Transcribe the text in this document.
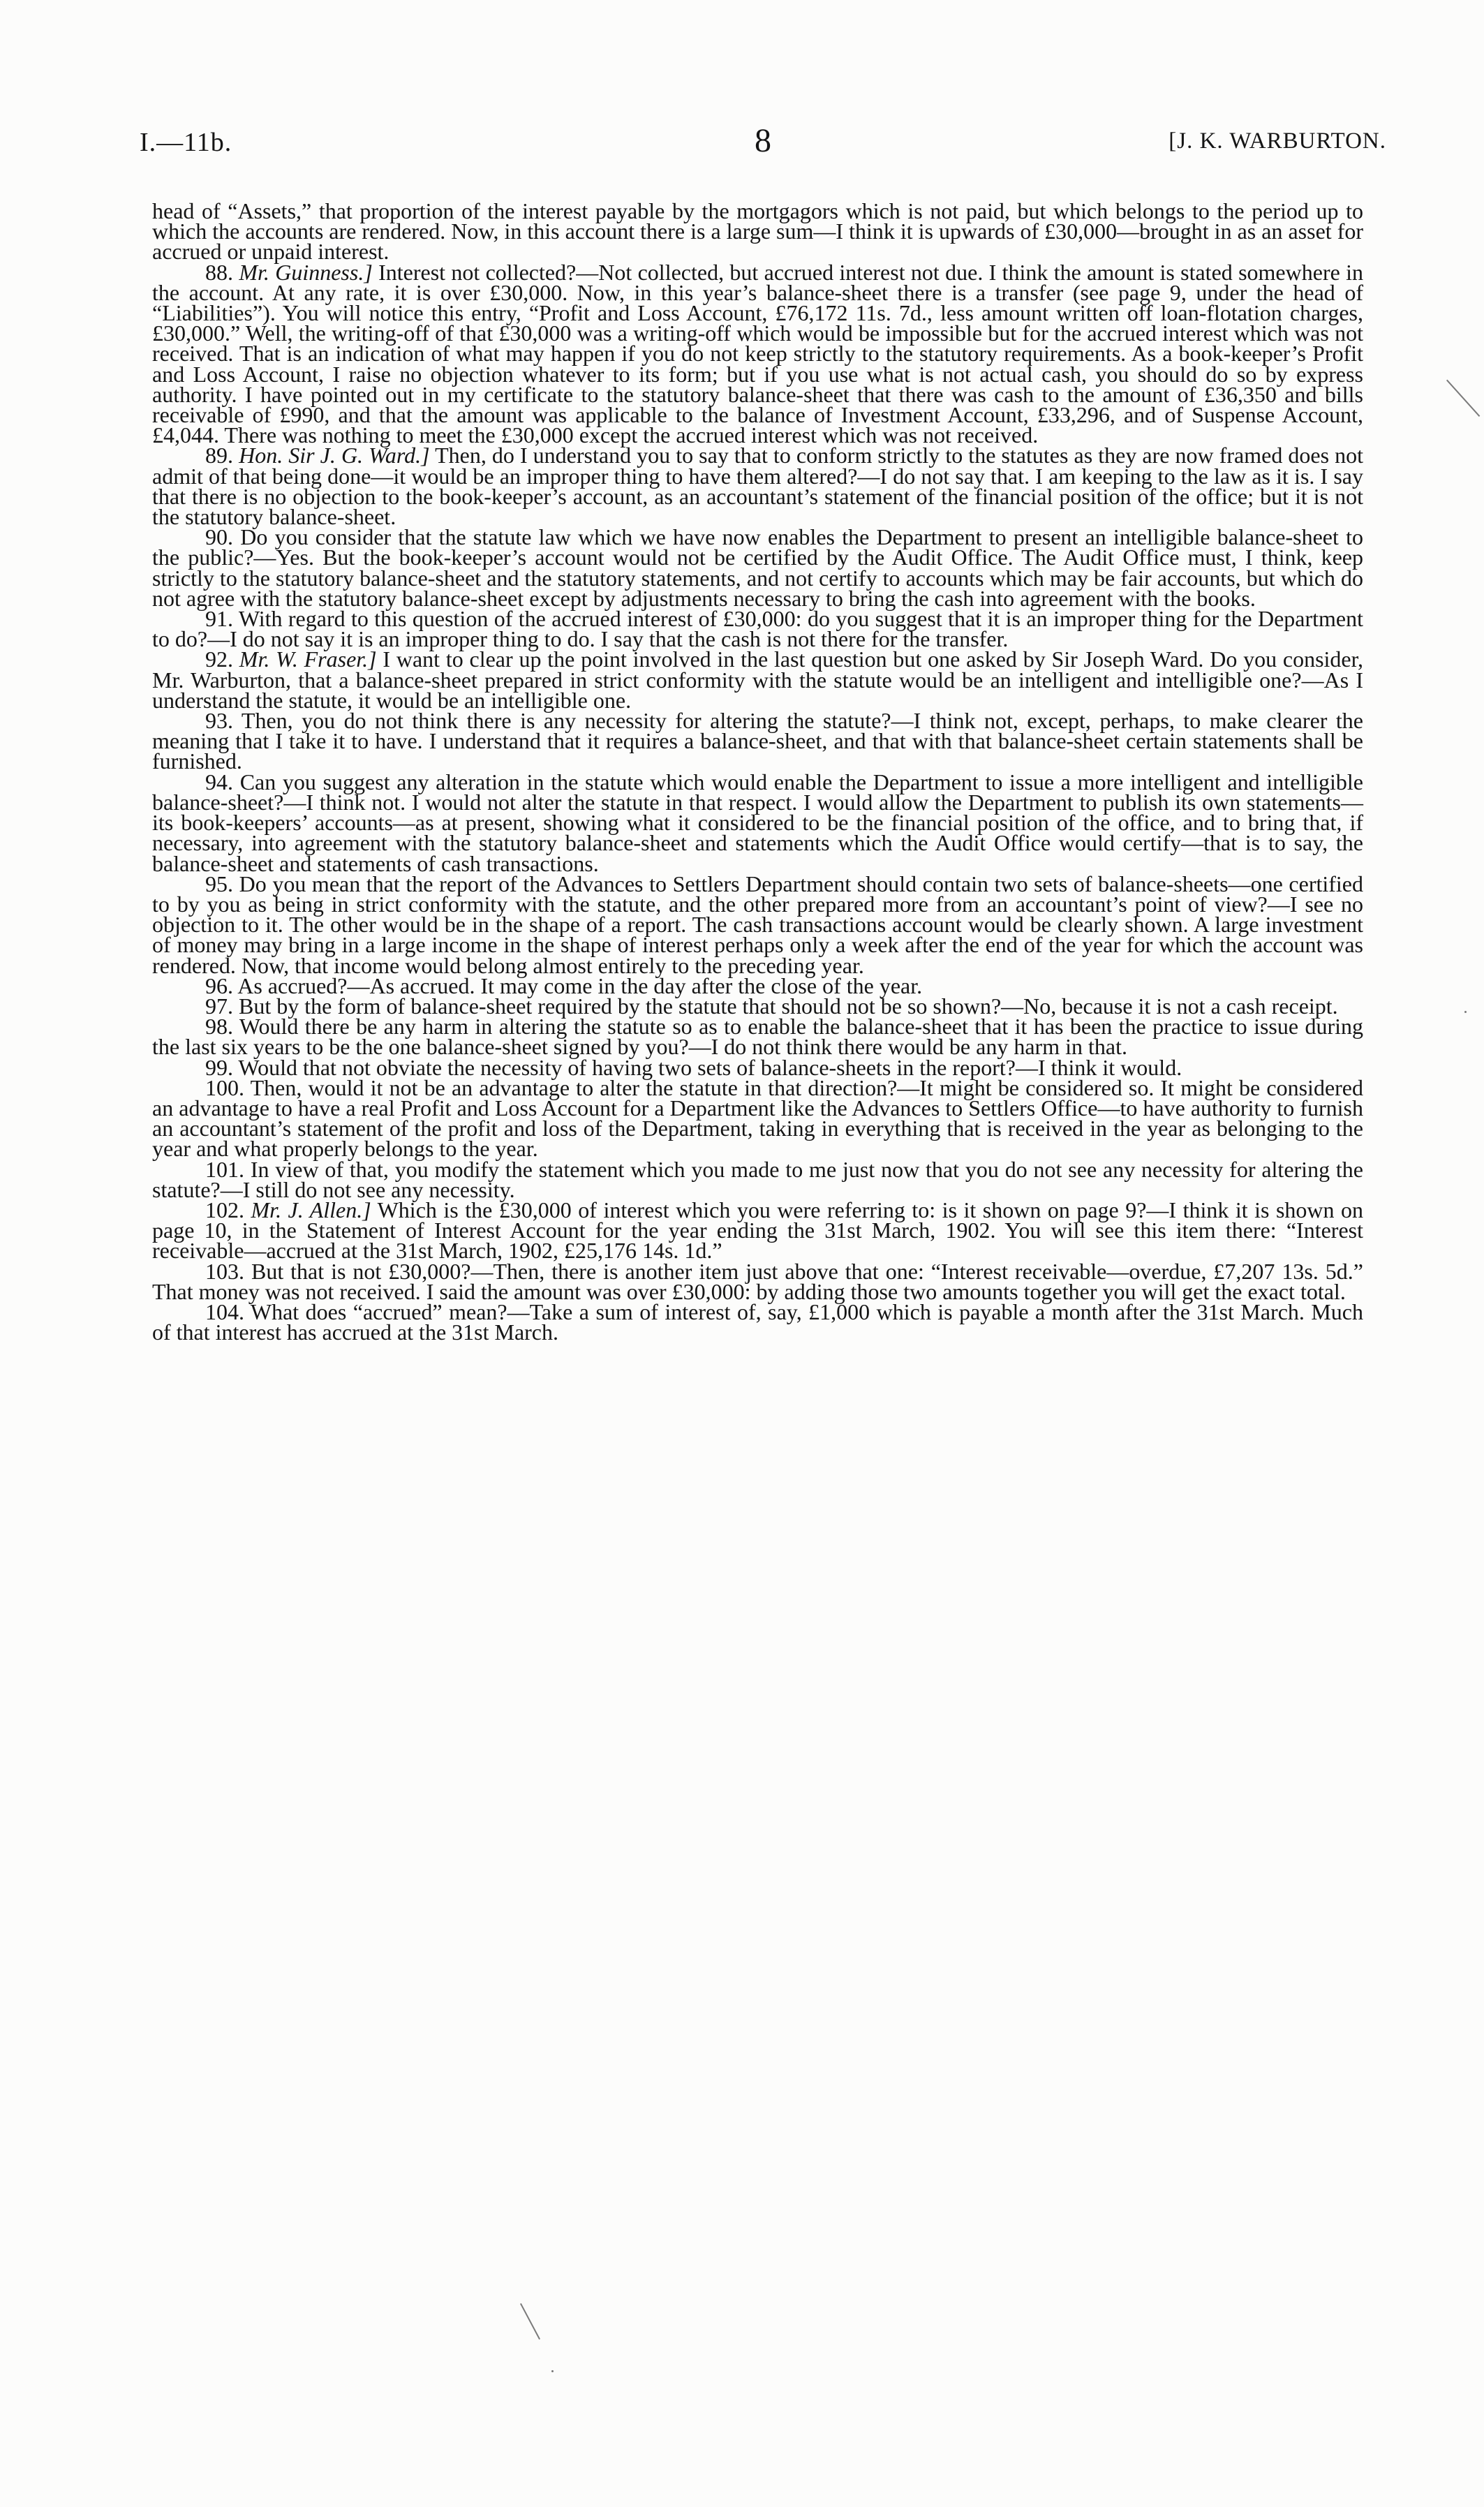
I.—11b.	8	[J. K. WARBURTON.

head of “Assets,” that proportion of the interest payable by the mortgagors which is not paid, but which belongs to the period up to which the accounts are rendered. Now, in this account there is a large sum—I think it is upwards of £30,000—brought in as an asset for accrued or unpaid interest.

88. Mr. Guinness.] Interest not collected?—Not collected, but accrued interest not due. I think the amount is stated somewhere in the account. At any rate, it is over £30,000. Now, in this year’s balance-sheet there is a transfer (see page 9, under the head of “Liabilities”). You will notice this entry, “Profit and Loss Account, £76,172 11s. 7d., less amount written off loan-flotation charges, £30,000.” Well, the writing-off of that £30,000 was a writing-off which would be impossible but for the accrued interest which was not received. That is an indication of what may happen if you do not keep strictly to the statutory requirements. As a book-keeper’s Profit and Loss Account, I raise no objection whatever to its form; but if you use what is not actual cash, you should do so by express authority. I have pointed out in my certificate to the statutory balance-sheet that there was cash to the amount of £36,350 and bills receivable of £990, and that the amount was applicable to the balance of Investment Account, £33,296, and of Suspense Account, £4,044. There was nothing to meet the £30,000 except the accrued interest which was not received.

89. Hon. Sir J. G. Ward.] Then, do I understand you to say that to conform strictly to the statutes as they are now framed does not admit of that being done—it would be an improper thing to have them altered?—I do not say that. I am keeping to the law as it is. I say that there is no objection to the book-keeper’s account, as an accountant’s statement of the financial position of the office; but it is not the statutory balance-sheet.

90. Do you consider that the statute law which we have now enables the Department to present an intelligible balance-sheet to the public?—Yes. But the book-keeper’s account would not be certified by the Audit Office. The Audit Office must, I think, keep strictly to the statutory balance-sheet and the statutory statements, and not certify to accounts which may be fair accounts, but which do not agree with the statutory balance-sheet except by adjustments necessary to bring the cash into agreement with the books.

91. With regard to this question of the accrued interest of £30,000: do you suggest that it is an improper thing for the Department to do?—I do not say it is an improper thing to do. I say that the cash is not there for the transfer.

92. Mr. W. Fraser.] I want to clear up the point involved in the last question but one asked by Sir Joseph Ward. Do you consider, Mr. Warburton, that a balance-sheet prepared in strict conformity with the statute would be an intelligent and intelligible one?—As I understand the statute, it would be an intelligible one.

93. Then, you do not think there is any necessity for altering the statute?—I think not, except, perhaps, to make clearer the meaning that I take it to have. I understand that it requires a balance-sheet, and that with that balance-sheet certain statements shall be furnished.

94. Can you suggest any alteration in the statute which would enable the Department to issue a more intelligent and intelligible balance-sheet?—I think not. I would not alter the statute in that respect. I would allow the Department to publish its own statements—its book-keepers’ accounts—as at present, showing what it considered to be the financial position of the office, and to bring that, if necessary, into agreement with the statutory balance-sheet and statements which the Audit Office would certify—that is to say, the balance-sheet and statements of cash transactions.

95. Do you mean that the report of the Advances to Settlers Department should contain two sets of balance-sheets—one certified to by you as being in strict conformity with the statute, and the other prepared more from an accountant’s point of view?—I see no objection to it. The other would be in the shape of a report. The cash transactions account would be clearly shown. A large investment of money may bring in a large income in the shape of interest perhaps only a week after the end of the year for which the account was rendered. Now, that income would belong almost entirely to the preceding year.

96. As accrued?—As accrued. It may come in the day after the close of the year.

97. But by the form of balance-sheet required by the statute that should not be so shown?—No, because it is not a cash receipt.

98. Would there be any harm in altering the statute so as to enable the balance-sheet that it has been the practice to issue during the last six years to be the one balance-sheet signed by you?—I do not think there would be any harm in that.

99. Would that not obviate the necessity of having two sets of balance-sheets in the report?—I think it would.

100. Then, would it not be an advantage to alter the statute in that direction?—It might be considered so. It might be considered an advantage to have a real Profit and Loss Account for a Department like the Advances to Settlers Office—to have authority to furnish an accountant’s statement of the profit and loss of the Department, taking in everything that is received in the year as belonging to the year and what properly belongs to the year.

101. In view of that, you modify the statement which you made to me just now that you do not see any necessity for altering the statute?—I still do not see any necessity.

102. Mr. J. Allen.] Which is the £30,000 of interest which you were referring to: is it shown on page 9?—I think it is shown on page 10, in the Statement of Interest Account for the year ending the 31st March, 1902. You will see this item there: “Interest receivable—accrued at the 31st March, 1902, £25,176 14s. 1d.”

103. But that is not £30,000?—Then, there is another item just above that one: “Interest receivable—overdue, £7,207 13s. 5d.” That money was not received. I said the amount was over £30,000: by adding those two amounts together you will get the exact total.

104. What does “accrued” mean?—Take a sum of interest of, say, £1,000 which is payable a month after the 31st March. Much of that interest has accrued at the 31st March.
